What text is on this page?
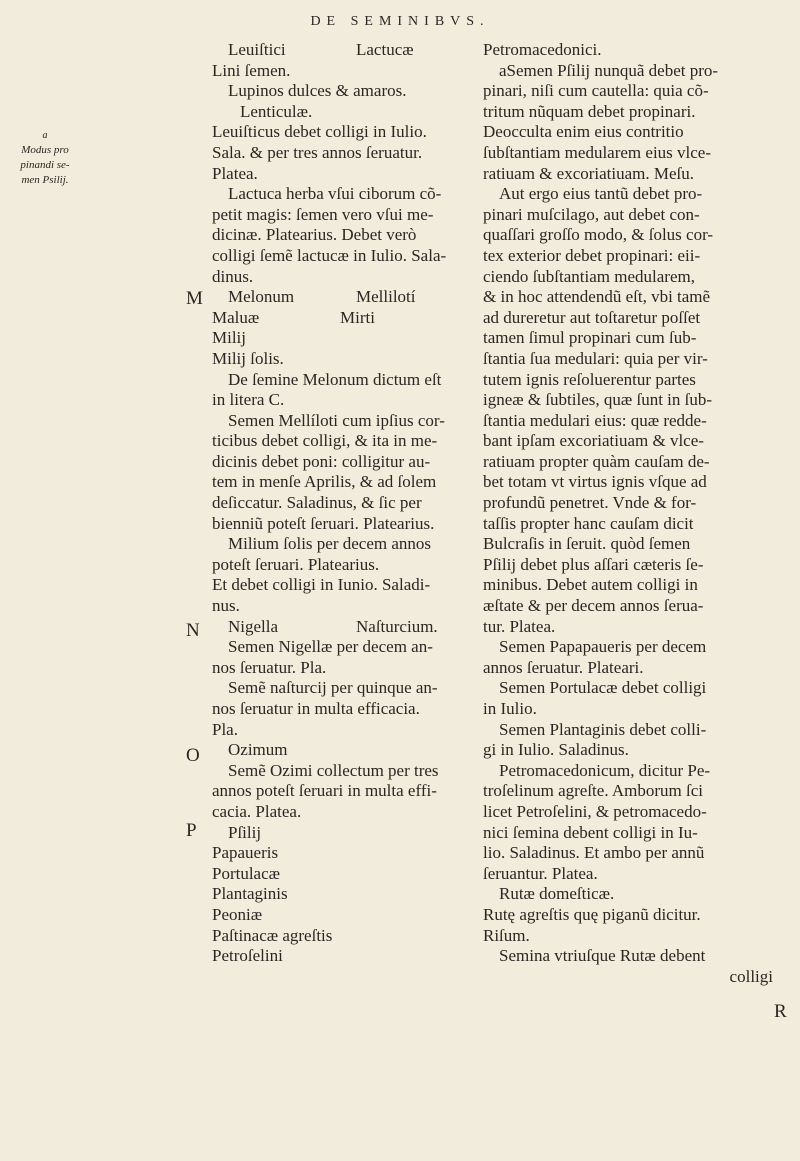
DE SEMINIBVS.
a
Modus pro
pinandi se-
men Psilij.
M
N
O
P
R
Leuiſtici	Lactucæ
Lini ſemen.
Lupinos dulces & amaros.
Lenticulæ.
Leuiſticus debet colligi in Iulio.
Sala. & per tres annos ſeruatur.
Platea.
Lactuca herba vſui ciborum cõ-
petit magis: ſemen vero vſui me-
dicinæ. Platearius. Debet verò
colligi ſemẽ lactucæ in Iulio. Sala-
dinus.
Melonum	Mellilotí
Maluæ	Mirti
Milij
Milij ſolis.
De ſemine Melonum dictum eſt
in litera C.
Semen Mellíloti cum ipſius cor-
ticibus debet colligi, & ita in me-
dicinis debet poni: colligitur au-
tem in menſe Aprilis, & ad ſolem
deſiccatur. Saladinus, & ſic per
bienniũ poteſt ſeruari. Platearius.
Milium ſolis per decem annos
poteſt ſeruari. Platearius.
Et debet colligi in Iunio. Saladi-
nus.
Nigella	Naſturcium.
Semen Nigellæ per decem an-
nos ſeruatur. Pla.
Semẽ naſturcij per quinque an-
nos ſeruatur in multa efficacia.
Pla.
Ozimum
Semẽ Ozimi collectum per tres
annos poteſt ſeruari in multa effi-
cacia. Platea.
Pſilij
Papaueris
Portulacæ
Plantaginis
Peoniæ
Paſtinacæ agreſtis
Petroſelini
Petromacedonici.
aSemen Pſilij nunquã debet pro-
pinari, niſi cum cautella: quia cõ-
tritum nũquam debet propinari.
Deocculta enim eius contritio
ſubſtantiam medularem eius vlce-
ratiuam & excoriatiuam. Meſu.
Aut ergo eius tantũ debet pro-
pinari muſcilago, aut debet con-
quaſſari groſſo modo, & ſolus cor-
tex exterior debet propinari: eii-
ciendo ſubſtantiam medularem,
& in hoc attendendũ eſt, vbi tamẽ
ad dureretur aut toſtaretur poſſet
tamen ſimul propinari cum ſub-
ſtantia ſua medulari: quia per vir-
tutem ignis reſoluerentur partes
igneæ & ſubtiles, quæ ſunt in ſub-
ſtantia medulari eius: quæ redde-
bant ipſam excoriatiuam & vlce-
ratiuam propter quàm cauſam de-
bet totam vt virtus ignis vſque ad
profundũ penetret. Vnde & for-
taſſis propter hanc cauſam dicit
Bulcraſis in ſeruit. quòd ſemen
Pſilij debet plus aſſari cæteris ſe-
minibus. Debet autem colligi in
æſtate & per decem annos ſerua-
tur. Platea.
Semen Papapaueris per decem
annos ſeruatur. Plateari.
Semen Portulacæ debet colligi
in Iulio.
Semen Plantaginis debet colli-
gi in Iulio. Saladinus.
Petromacedonicum, dicitur Pe-
troſelinum agreſte. Amborum ſci
licet Petroſelini, & petromacedo-
nici ſemina debent colligi in Iu-
lio. Saladinus. Et ambo per annũ
ſeruantur. Platea.
Rutæ domeſticæ.
Rutę agreſtis quę piganũ dicitur.
Riſum.
Semina vtriuſque Rutæ debent
colligi
